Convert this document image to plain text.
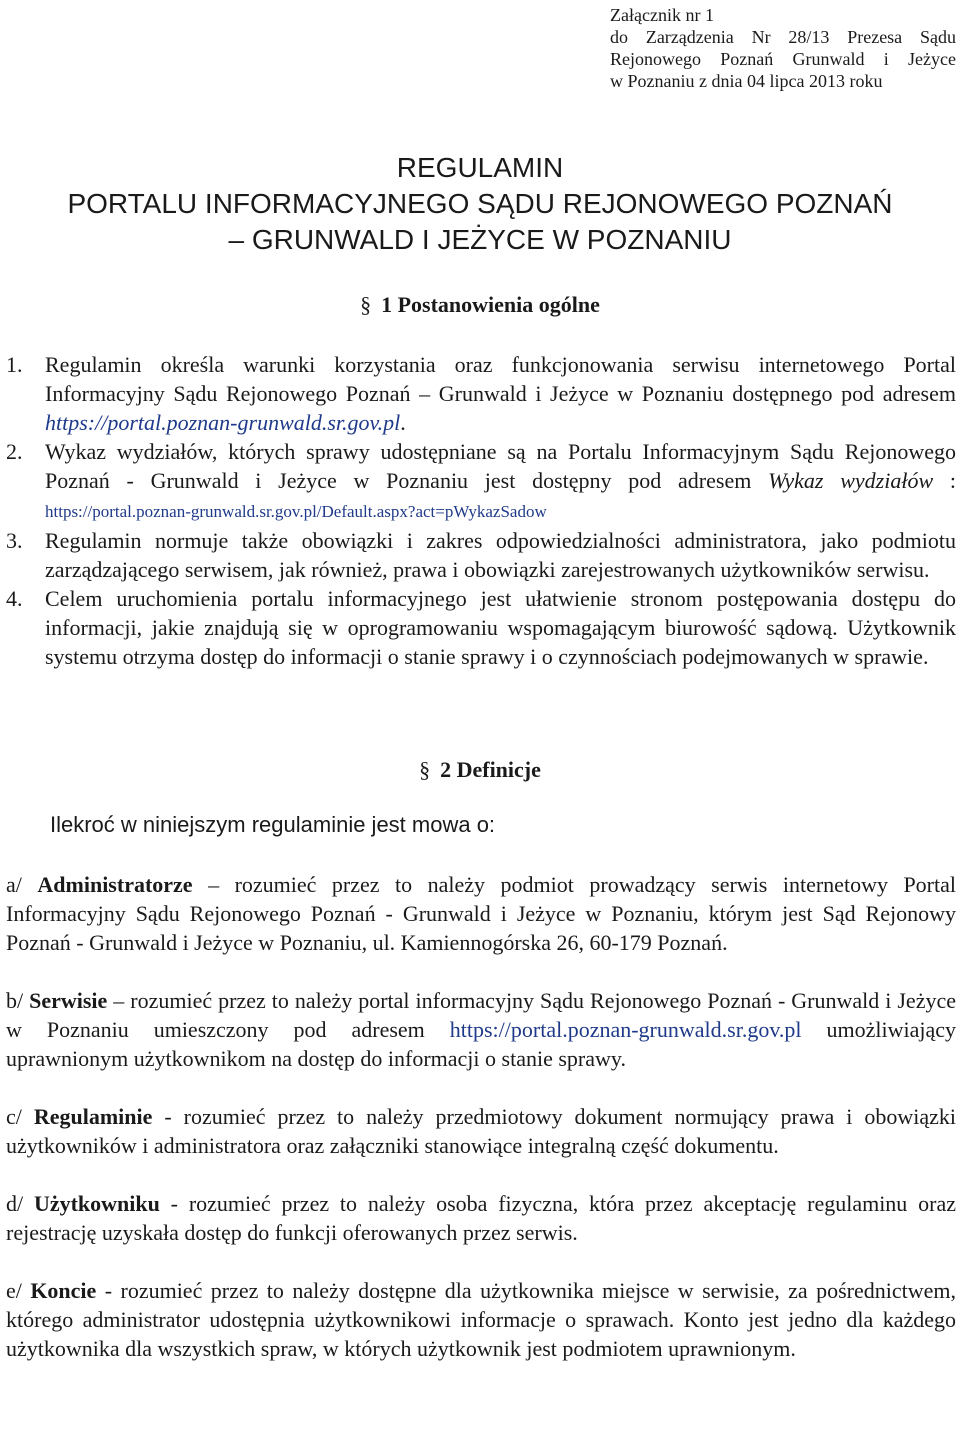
Załącznik nr 1
do Zarządzenia Nr 28/13 Prezesa Sądu
Rejonowego Poznań Grunwald i Jeżyce
w Poznaniu z dnia 04 lipca 2013 roku
REGULAMIN
PORTALU INFORMACYJNEGO SĄDU REJONOWEGO POZNAŃ
– GRUNWALD I JEŻYCE W POZNANIU
§ 1 Postanowienia ogólne
1. Regulamin określa warunki korzystania oraz funkcjonowania serwisu internetowego Portal Informacyjny Sądu Rejonowego Poznań – Grunwald i Jeżyce w Poznaniu dostępnego pod adresem https://portal.poznan-grunwald.sr.gov.pl.
2. Wykaz wydziałów, których sprawy udostępniane są na Portalu Informacyjnym Sądu Rejonowego Poznań - Grunwald i Jeżyce w Poznaniu jest dostępny pod adresem Wykaz wydziałów : https://portal.poznan-grunwald.sr.gov.pl/Default.aspx?act=pWykazSadow
3. Regulamin normuje także obowiązki i zakres odpowiedzialności administratora, jako podmiotu zarządzającego serwisem, jak również, prawa i obowiązki zarejestrowanych użytkowników serwisu.
4. Celem uruchomienia portalu informacyjnego jest ułatwienie stronom postępowania dostępu do informacji, jakie znajdują się w oprogramowaniu wspomagającym biurowość sądową. Użytkownik systemu otrzyma dostęp do informacji o stanie sprawy i o czynnościach podejmowanych w sprawie.
§ 2 Definicje
Ilekroć w niniejszym regulaminie jest mowa o:

a/ Administratorze – rozumieć przez to należy podmiot prowadzący serwis internetowy Portal Informacyjny Sądu Rejonowego Poznań - Grunwald i Jeżyce w Poznaniu, którym jest Sąd Rejonowy Poznań - Grunwald i Jeżyce w Poznaniu, ul. Kamiennogórska 26, 60-179 Poznań.

b/ Serwisie – rozumieć przez to należy portal informacyjny Sądu Rejonowego Poznań - Grunwald i Jeżyce w Poznaniu umieszczony pod adresem https://portal.poznan-grunwald.sr.gov.pl umożliwiający uprawnionym użytkownikom na dostęp do informacji o stanie sprawy.

c/ Regulaminie - rozumieć przez to należy przedmiotowy dokument normujący prawa i obowiązki użytkowników i administratora oraz załączniki stanowiące integralną część dokumentu.

d/ Użytkowniku - rozumieć przez to należy osoba fizyczna, która przez akceptację regulaminu oraz rejestrację uzyskała dostęp do funkcji oferowanych przez serwis.

e/ Koncie - rozumieć przez to należy dostępne dla użytkownika miejsce w serwisie, za pośrednictwem, którego administrator udostępnia użytkownikowi informacje o sprawach. Konto jest jedno dla każdego użytkownika dla wszystkich spraw, w których użytkownik jest podmiotem uprawnionym.
